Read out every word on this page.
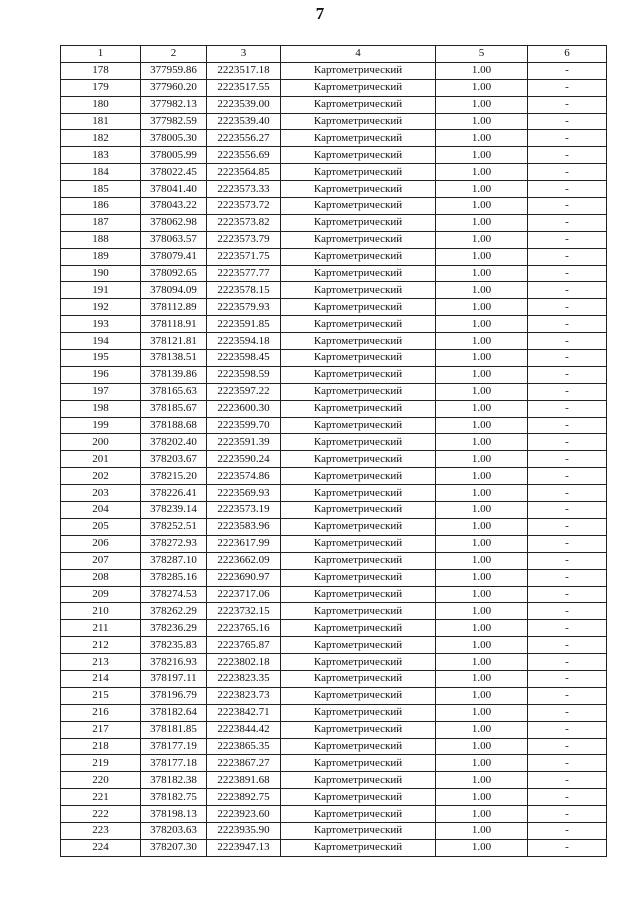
7
1	2	3	4	5	6
178	377959.86	2223517.18	Картометрический	1.00	-
179	377960.20	2223517.55	Картометрический	1.00	-
180	377982.13	2223539.00	Картометрический	1.00	-
181	377982.59	2223539.40	Картометрический	1.00	-
182	378005.30	2223556.27	Картометрический	1.00	-
183	378005.99	2223556.69	Картометрический	1.00	-
184	378022.45	2223564.85	Картометрический	1.00	-
185	378041.40	2223573.33	Картометрический	1.00	-
186	378043.22	2223573.72	Картометрический	1.00	-
187	378062.98	2223573.82	Картометрический	1.00	-
188	378063.57	2223573.79	Картометрический	1.00	-
189	378079.41	2223571.75	Картометрический	1.00	-
190	378092.65	2223577.77	Картометрический	1.00	-
191	378094.09	2223578.15	Картометрический	1.00	-
192	378112.89	2223579.93	Картометрический	1.00	-
193	378118.91	2223591.85	Картометрический	1.00	-
194	378121.81	2223594.18	Картометрический	1.00	-
195	378138.51	2223598.45	Картометрический	1.00	-
196	378139.86	2223598.59	Картометрический	1.00	-
197	378165.63	2223597.22	Картометрический	1.00	-
198	378185.67	2223600.30	Картометрический	1.00	-
199	378188.68	2223599.70	Картометрический	1.00	-
200	378202.40	2223591.39	Картометрический	1.00	-
201	378203.67	2223590.24	Картометрический	1.00	-
202	378215.20	2223574.86	Картометрический	1.00	-
203	378226.41	2223569.93	Картометрический	1.00	-
204	378239.14	2223573.19	Картометрический	1.00	-
205	378252.51	2223583.96	Картометрический	1.00	-
206	378272.93	2223617.99	Картометрический	1.00	-
207	378287.10	2223662.09	Картометрический	1.00	-
208	378285.16	2223690.97	Картометрический	1.00	-
209	378274.53	2223717.06	Картометрический	1.00	-
210	378262.29	2223732.15	Картометрический	1.00	-
211	378236.29	2223765.16	Картометрический	1.00	-
212	378235.83	2223765.87	Картометрический	1.00	-
213	378216.93	2223802.18	Картометрический	1.00	-
214	378197.11	2223823.35	Картометрический	1.00	-
215	378196.79	2223823.73	Картометрический	1.00	-
216	378182.64	2223842.71	Картометрический	1.00	-
217	378181.85	2223844.42	Картометрический	1.00	-
218	378177.19	2223865.35	Картометрический	1.00	-
219	378177.18	2223867.27	Картометрический	1.00	-
220	378182.38	2223891.68	Картометрический	1.00	-
221	378182.75	2223892.75	Картометрический	1.00	-
222	378198.13	2223923.60	Картометрический	1.00	-
223	378203.63	2223935.90	Картометрический	1.00	-
224	378207.30	2223947.13	Картометрический	1.00	-
